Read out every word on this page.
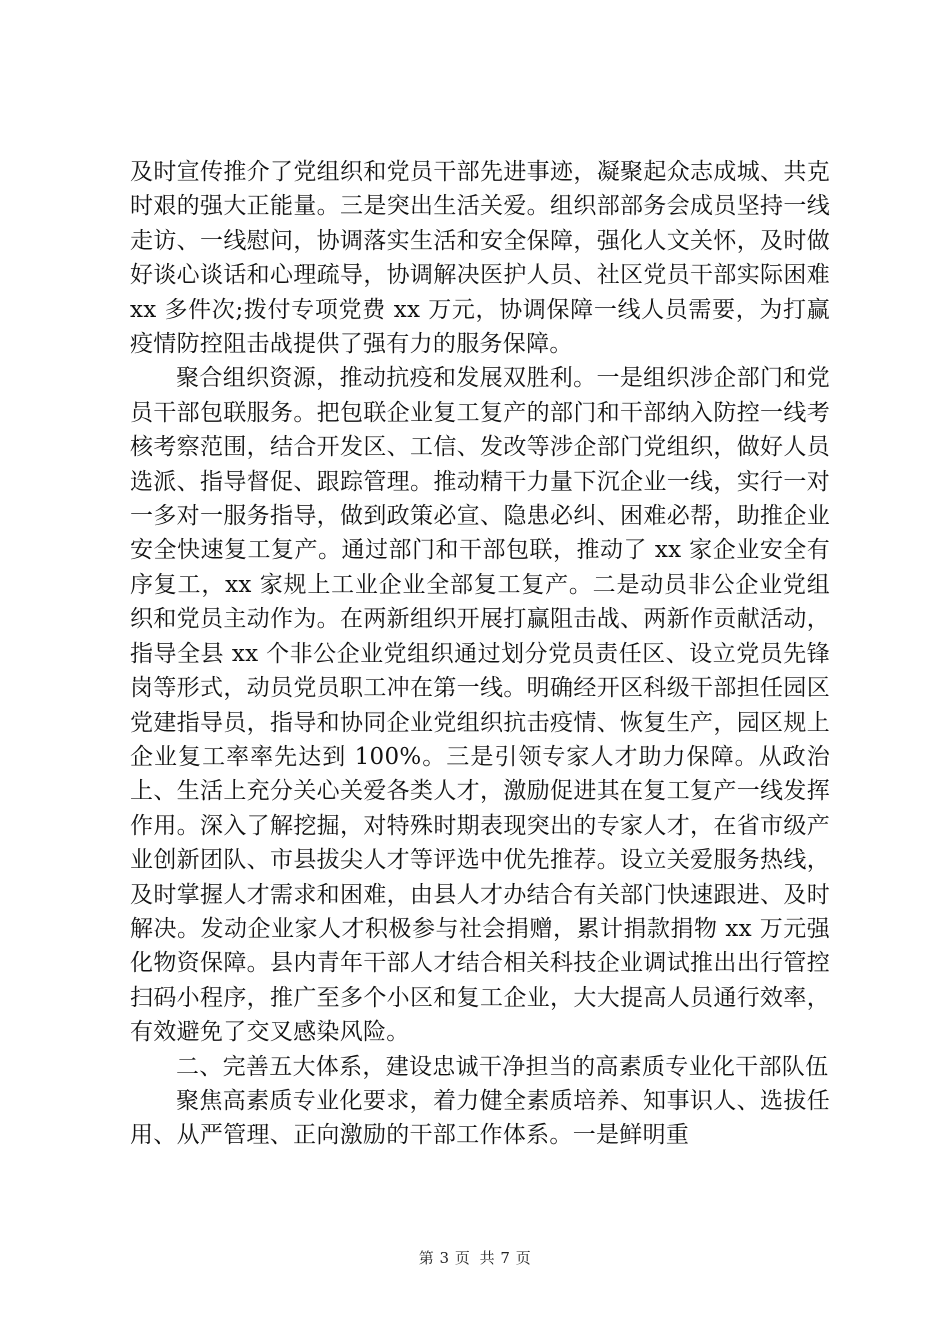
及时宣传推介了党组织和党员干部先进事迹，凝聚起众志成城、共克时艰的强大正能量。三是突出生活关爱。组织部部务会成员坚持一线走访、一线慰问，协调落实生活和安全保障，强化人文关怀，及时做好谈心谈话和心理疏导，协调解决医护人员、社区党员干部实际困难 xx 多件次;拨付专项党费 xx 万元，协调保障一线人员需要，为打赢疫情防控阻击战提供了强有力的服务保障。

聚合组织资源，推动抗疫和发展双胜利。一是组织涉企部门和党员干部包联服务。把包联企业复工复产的部门和干部纳入防控一线考核考察范围，结合开发区、工信、发改等涉企部门党组织，做好人员选派、指导督促、跟踪管理。推动精干力量下沉企业一线，实行一对一多对一服务指导，做到政策必宣、隐患必纠、困难必帮，助推企业安全快速复工复产。通过部门和干部包联，推动了 xx 家企业安全有序复工，xx 家规上工业企业全部复工复产。二是动员非公企业党组织和党员主动作为。在两新组织开展打赢阻击战、两新作贡献活动，指导全县 xx 个非公企业党组织通过划分党员责任区、设立党员先锋岗等形式，动员党员职工冲在第一线。明确经开区科级干部担任园区党建指导员，指导和协同企业党组织抗击疫情、恢复生产，园区规上企业复工率率先达到 100%。三是引领专家人才助力保障。从政治上、生活上充分关心关爱各类人才，激励促进其在复工复产一线发挥作用。深入了解挖掘，对特殊时期表现突出的专家人才，在省市级产业创新团队、市县拔尖人才等评选中优先推荐。设立关爱服务热线，及时掌握人才需求和困难，由县人才办结合有关部门快速跟进、及时解决。发动企业家人才积极参与社会捐赠，累计捐款捐物 xx 万元强化物资保障。县内青年干部人才结合相关科技企业调试推出出行管控扫码小程序，推广至多个小区和复工企业，大大提高人员通行效率，有效避免了交叉感染风险。

二、完善五大体系，建设忠诚干净担当的高素质专业化干部队伍

聚焦高素质专业化要求，着力健全素质培养、知事识人、选拔任用、从严管理、正向激励的干部工作体系。一是鲜明重

第 3 页 共 7 页
